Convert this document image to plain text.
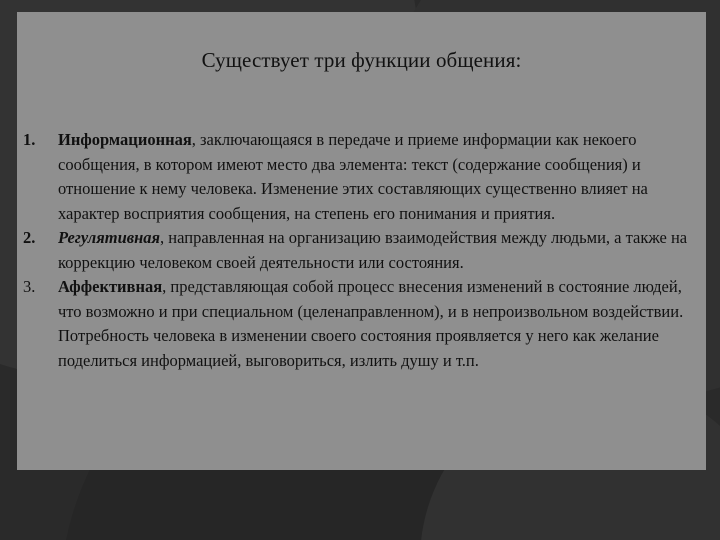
Существует три функции общения:
1. Информационная, заключающаяся в передаче и приеме информации как некоего сообщения, в котором имеют место два элемента: текст (содержание сообщения) и отношение к нему человека. Изменение этих составляющих существенно влияет на характер восприятия сообщения, на степень его понимания и приятия.
2. Регулятивная, направленная на организацию взаимодействия между людьми, а также на коррекцию человеком своей деятельности или состояния.
3. Аффективная, представляющая собой процесс внесения изменений в состояние людей, что возможно и при специальном (целенаправленном), и в непроизвольном воздействии. Потребность человека в изменении своего состояния проявляется у него как желание поделиться информацией, выговориться, излить душу и т.п.
